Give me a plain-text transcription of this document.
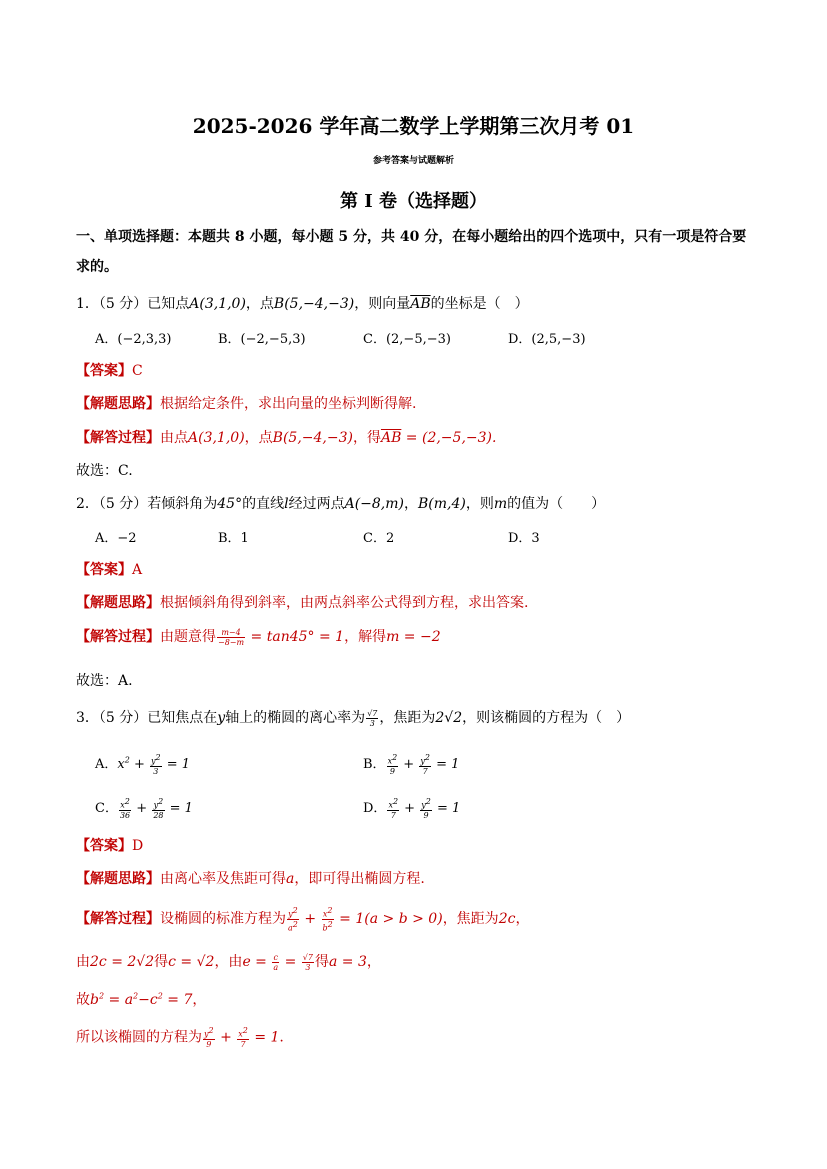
2025-2026 学年高二数学上学期第三次月考 01
参考答案与试题解析
第 I 卷（选择题）
一、单项选择题：本题共 8 小题，每小题 5 分，共 40 分，在每小题给出的四个选项中，只有一项是符合要
求的。
1．（5 分）已知点A(3,1,0)，点B(5,−4,−3)，则向量$\overline{AB}$的坐标是（　）
A．(−2,3,3)	B．(−2,−5,3)	C．(2,−5,−3)	D．(2,5,−3)
【答案】C
【解题思路】根据给定条件，求出向量的坐标判断得解.
【解答过程】由点A(3,1,0)，点B(5,−4,−3)，得$\overline{AB} = (2,-5,-3)$.
故选：C.
2．（5 分）若倾斜角为45°的直线l经过两点A(−8,m)，B(m,4)，则m的值为（　　）
A．−2	B．1	C．2	D．3
【答案】A
【解题思路】根据倾斜角得到斜率，由两点斜率公式得到方程，求出答案.
【解答过程】由题意得 $\frac{m-4}{-8-m} = \tan 45^\circ = 1$，解得m = −2
故选：A.
3．（5 分）已知焦点在y轴上的椭圆的离心率为 $\frac{√7}{3}$ ，焦距为2√2，则该椭圆的方程为（　）
A．$x^2 + \frac{y^2}{3} = 1$	B． $\frac{x^2}{9} + \frac{y^2}{7} = 1$
C． $\frac{x^2}{36} + \frac{y^2}{28} = 1$	D． $\frac{x^2}{7} + \frac{y^2}{9} = 1$
【答案】D
【解题思路】由离心率及焦距可得a，即可得出椭圆方程.
【解答过程】设椭圆的标准方程为 $\frac{y^2}{a^2} + \frac{x^2}{b^2} = 1(a > b > 0)$，焦距为2c，
由2c = 2√2得c = √2，由$e = \frac{c}{a} = \frac{√7}{3}$ 得a = 3，
故$b^2 = a^2-c^2 = 7$，
所以该椭圆的方程为 $\frac{y^2}{9} + \frac{x^2}{7} = 1$.
